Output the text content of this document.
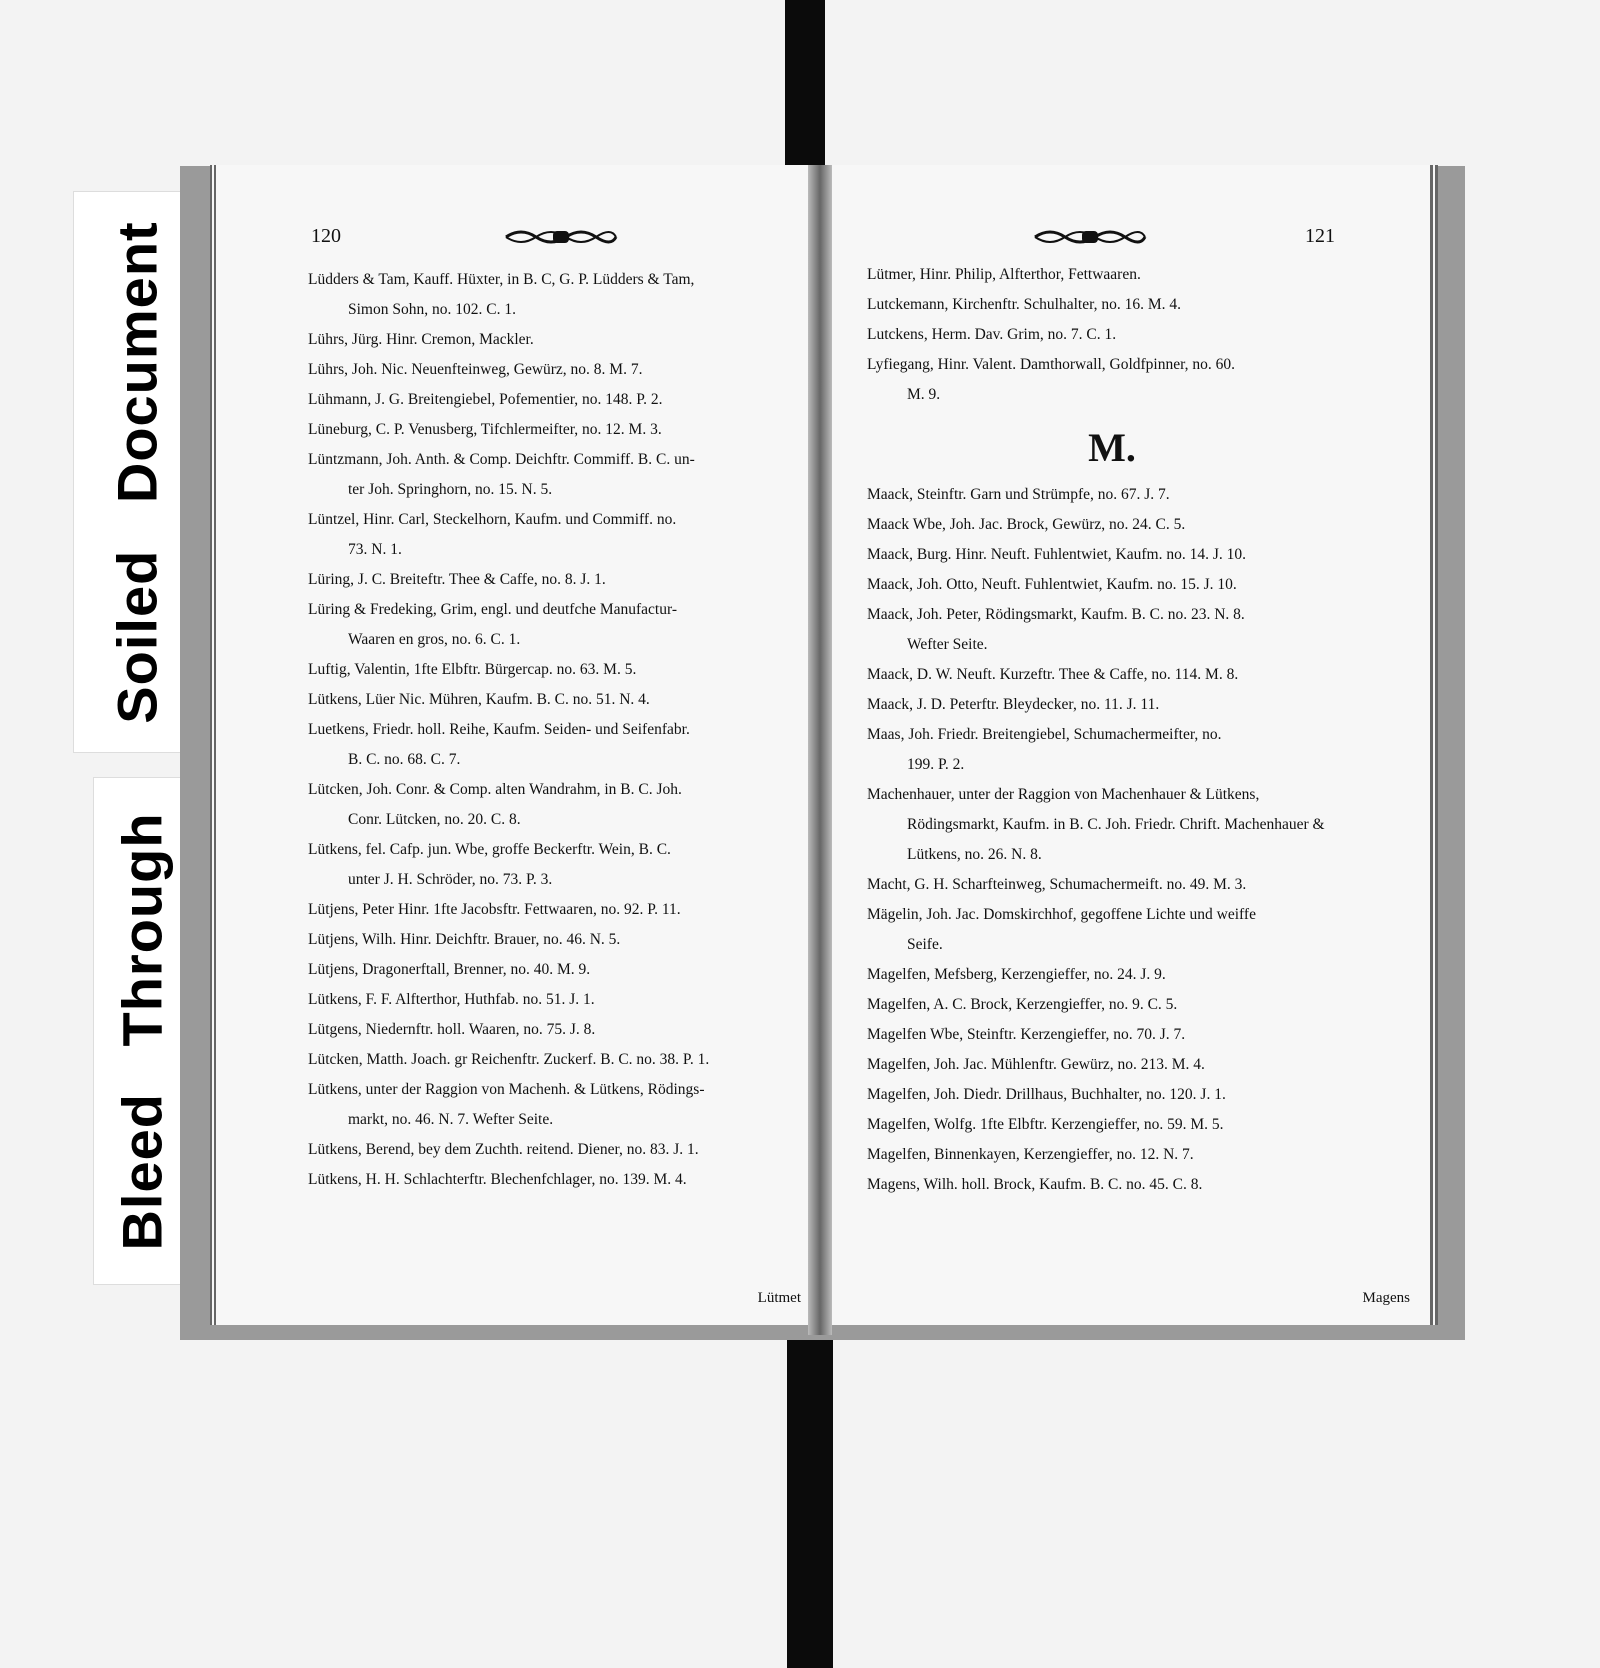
Soiled Document
Bleed Through
120

Lüdders & Tam, Kauff. Hüxter, in B. C, G. P. Lüdders & Tam,
Simon Sohn, no. 102. C. 1.

Lührs, Jürg. Hinr. Cremon, Mackler.

Lührs, Joh. Nic. Neuenfteinweg, Gewürz, no. 8. M. 7.

Lühmann, J. G. Breitengiebel, Pofementier, no. 148. P. 2.

Lüneburg, C. P. Venusberg, Tifchlermeifter, no. 12. M. 3.

Lüntzmann, Joh. Anth. & Comp. Deichftr. Commiff. B. C. un-
ter Joh. Springhorn, no. 15. N. 5.

Lüntzel, Hinr. Carl, Steckelhorn, Kaufm. und Commiff. no.
73. N. 1.

Lüring, J. C. Breiteftr. Thee & Caffe, no. 8. J. 1.

Lüring & Fredeking, Grim, engl. und deutfche Manufactur-
Waaren en gros, no. 6. C. 1.

Luftig, Valentin, 1fte Elbftr. Bürgercap. no. 63. M. 5.

Lütkens, Lüer Nic. Mühren, Kaufm. B. C. no. 51. N. 4.

Luetkens, Friedr. holl. Reihe, Kaufm. Seiden- und Seifenfabr.
B. C. no. 68. C. 7.

Lütcken, Joh. Conr. & Comp. alten Wandrahm, in B. C. Joh.
Conr. Lütcken, no. 20. C. 8.

Lütkens, fel. Cafp. jun. Wbe, groffe Beckerftr. Wein, B. C.
unter J. H. Schröder, no. 73. P. 3.

Lütjens, Peter Hinr. 1fte Jacobsftr. Fettwaaren, no. 92. P. 11.

Lütjens, Wilh. Hinr. Deichftr. Brauer, no. 46. N. 5.

Lütjens, Dragonerftall, Brenner, no. 40. M. 9.

Lütkens, F. F. Alfterthor, Huthfab. no. 51. J. 1.

Lütgens, Niedernftr. holl. Waaren, no. 75. J. 8.

Lütcken, Matth. Joach. gr Reichenftr. Zuckerf. B. C. no. 38. P. 1.

Lütkens, unter der Raggion von Machenh. & Lütkens, Rödings-
markt, no. 46. N. 7. Wefter Seite.

Lütkens, Berend, bey dem Zuchth. reitend. Diener, no. 83. J. 1.

Lütkens, H. H. Schlachterftr. Blechenfchlager, no. 139. M. 4.

Lütmet
121

Lütmer, Hinr. Philip, Alfterthor, Fettwaaren.

Lutckemann, Kirchenftr. Schulhalter, no. 16. M. 4.

Lutckens, Herm. Dav. Grim, no. 7. C. 1.

Lyfiegang, Hinr. Valent. Damthorwall, Goldfpinner, no. 60.
M. 9.

M.

Maack, Steinftr. Garn und Strümpfe, no. 67. J. 7.

Maack Wbe, Joh. Jac. Brock, Gewürz, no. 24. C. 5.

Maack, Burg. Hinr. Neuft. Fuhlentwiet, Kaufm. no. 14. J. 10.

Maack, Joh. Otto, Neuft. Fuhlentwiet, Kaufm. no. 15. J. 10.

Maack, Joh. Peter, Rödingsmarkt, Kaufm. B. C. no. 23. N. 8.
Wefter Seite.

Maack, D. W. Neuft. Kurzeftr. Thee & Caffe, no. 114. M. 8.

Maack, J. D. Peterftr. Bleydecker, no. 11. J. 11.

Maas, Joh. Friedr. Breitengiebel, Schumachermeifter, no.
199. P. 2.

Machenhauer, unter der Raggion von Machenhauer & Lütkens,
Rödingsmarkt, Kaufm. in B. C. Joh. Friedr. Chrift. Machenhauer & Lütkens, no. 26. N. 8.

Macht, G. H. Scharfteinweg, Schumachermeift. no. 49. M. 3.

Mägelin, Joh. Jac. Domskirchhof, gegoffene Lichte und weiffe
Seife.

Magelfen, Mefsberg, Kerzengieffer, no. 24. J. 9.

Magelfen, A. C. Brock, Kerzengieffer, no. 9. C. 5.

Magelfen Wbe, Steinftr. Kerzengieffer, no. 70. J. 7.

Magelfen, Joh. Jac. Mühlenftr. Gewürz, no. 213. M. 4.

Magelfen, Joh. Diedr. Drillhaus, Buchhalter, no. 120. J. 1.

Magelfen, Wolfg. 1fte Elbftr. Kerzengieffer, no. 59. M. 5.

Magelfen, Binnenkayen, Kerzengieffer, no. 12. N. 7.

Magens, Wilh. holl. Brock, Kaufm. B. C. no. 45. C. 8.

Magens
